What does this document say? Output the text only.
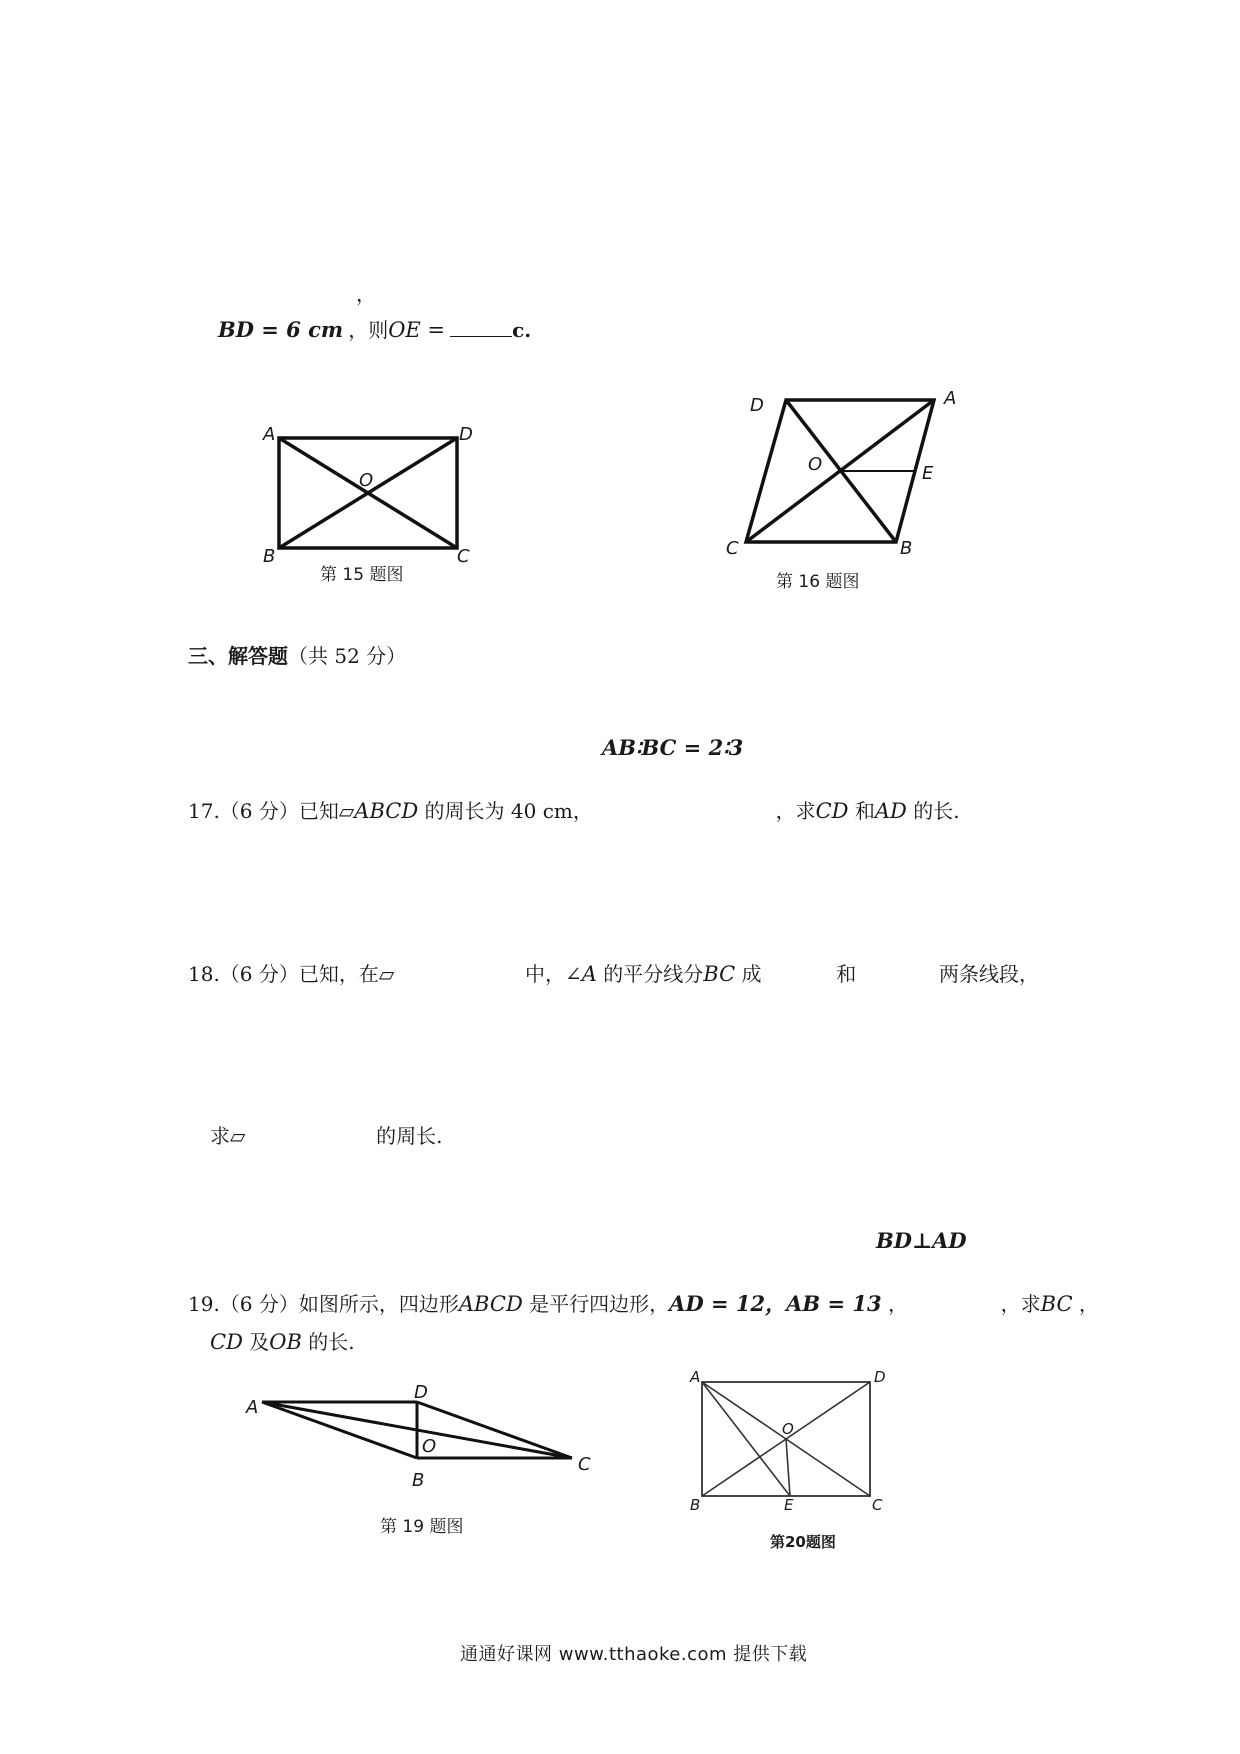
，
BD = 6 cm ，则OE =	c.
A	D
B	C
O
第 15 题图
D	A
O	E
C	B
第 16 题图
三、解答题（共 52 分）
AB∶BC = 2∶3
17.（6 分）已知▱ABCD 的周长为 40 cm，	，求CD 和AD 的长.
18.（6 分）已知，在▱	中，∠A 的平分线分BC 成	和	两条线段，
求▱	的周长.
BD⊥AD
19.（6 分）如图所示，四边形ABCD 是平行四边形，AD = 12，AB = 13 ，	，求BC ，
CD 及OB 的长.
A
D
O
B
C
第 19 题图
A	D
O
B	E	C
第20题图
通通好课网 www.tthaoke.com 提供下载
